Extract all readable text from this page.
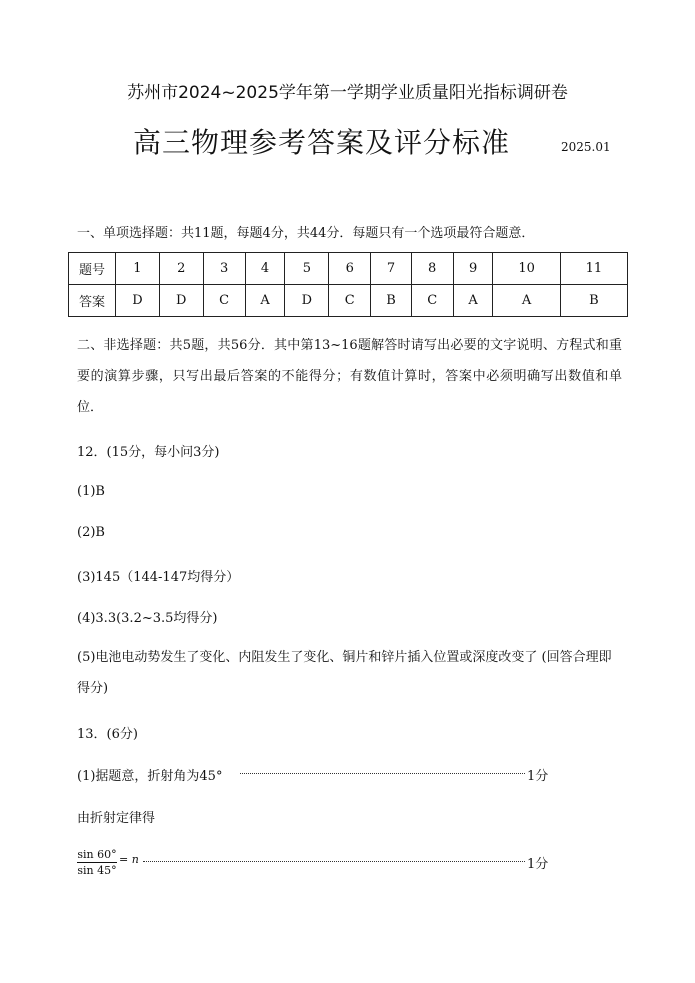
苏州市2024~2025学年第一学期学业质量阳光指标调研卷
高三物理参考答案及评分标准	2025.01
一、单项选择题：共11题，每题4分，共44分．每题只有一个选项最符合题意．
题号	1	2	3	4	5	6	7	8	9	10	11
答案	D	D	C	A	D	C	B	C	A	A	B
二、非选择题：共5题，共56分．其中第13~16题解答时请写出必要的文字说明、方程式和重要的演算步骤，只写出最后答案的不能得分；有数值计算时，答案中必须明确写出数值和单位．
12．(15分，每小问3分)
(1)B
(2)B
(3)145（144-147均得分）
(4)3.3(3.2~3.5均得分)
(5)电池电动势发生了变化、内阻发生了变化、铜片和锌片插入位置或深度改变了 (回答合理即得分)
13．(6分)
(1)据题意，折射角为45°	1分
由折射定律得
sin 60°
sin 45°
= n	1分
